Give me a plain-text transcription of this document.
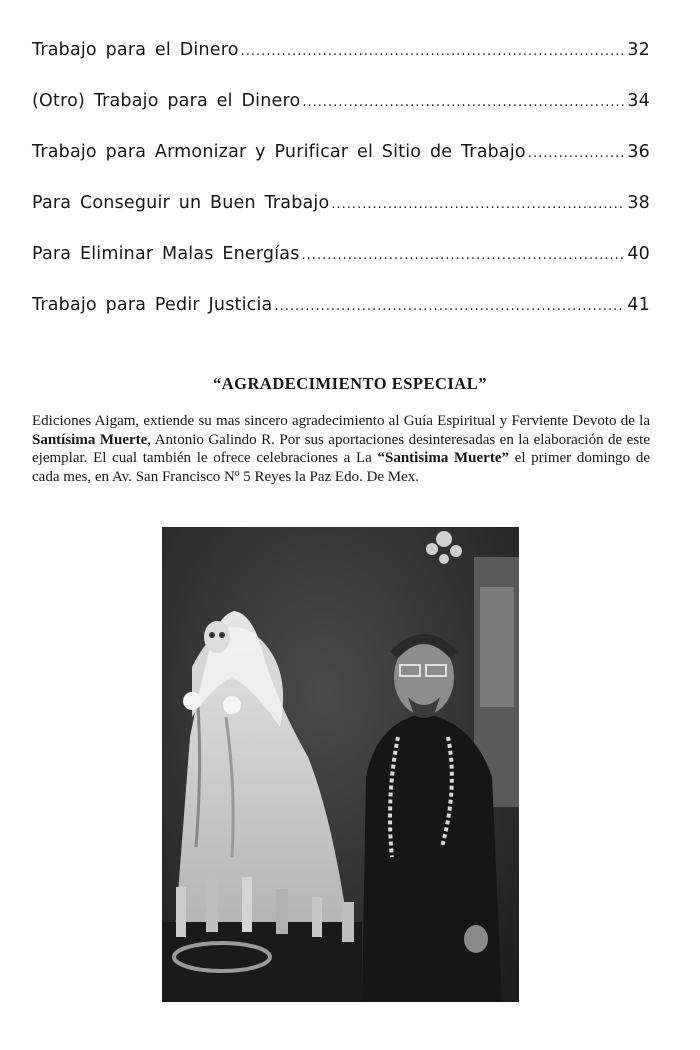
Trabajo para el Dinero .....	32
(Otro) Trabajo para el Dinero .....	34
Trabajo para Armonizar y Purificar el Sitio de Trabajo .....	36
Para Conseguir un Buen Trabajo .....	38
Para Eliminar Malas Energías .....	40
Trabajo para Pedir Justicia .....	41
“AGRADECIMIENTO ESPECIAL”

Ediciones Aigam, extiende su mas sincero agradecimiento al Guía Espiritual y Ferviente Devoto de la Santísima Muerte, Antonio Galindo R. Por sus aportaciones desinteresadas en la elaboración de este ejemplar. El cual también le ofrece celebraciones a La “Santisima Muerte” el primer domingo de cada mes, en Av. San Francisco Nº 5 Reyes la Paz Edo. De Mex.
